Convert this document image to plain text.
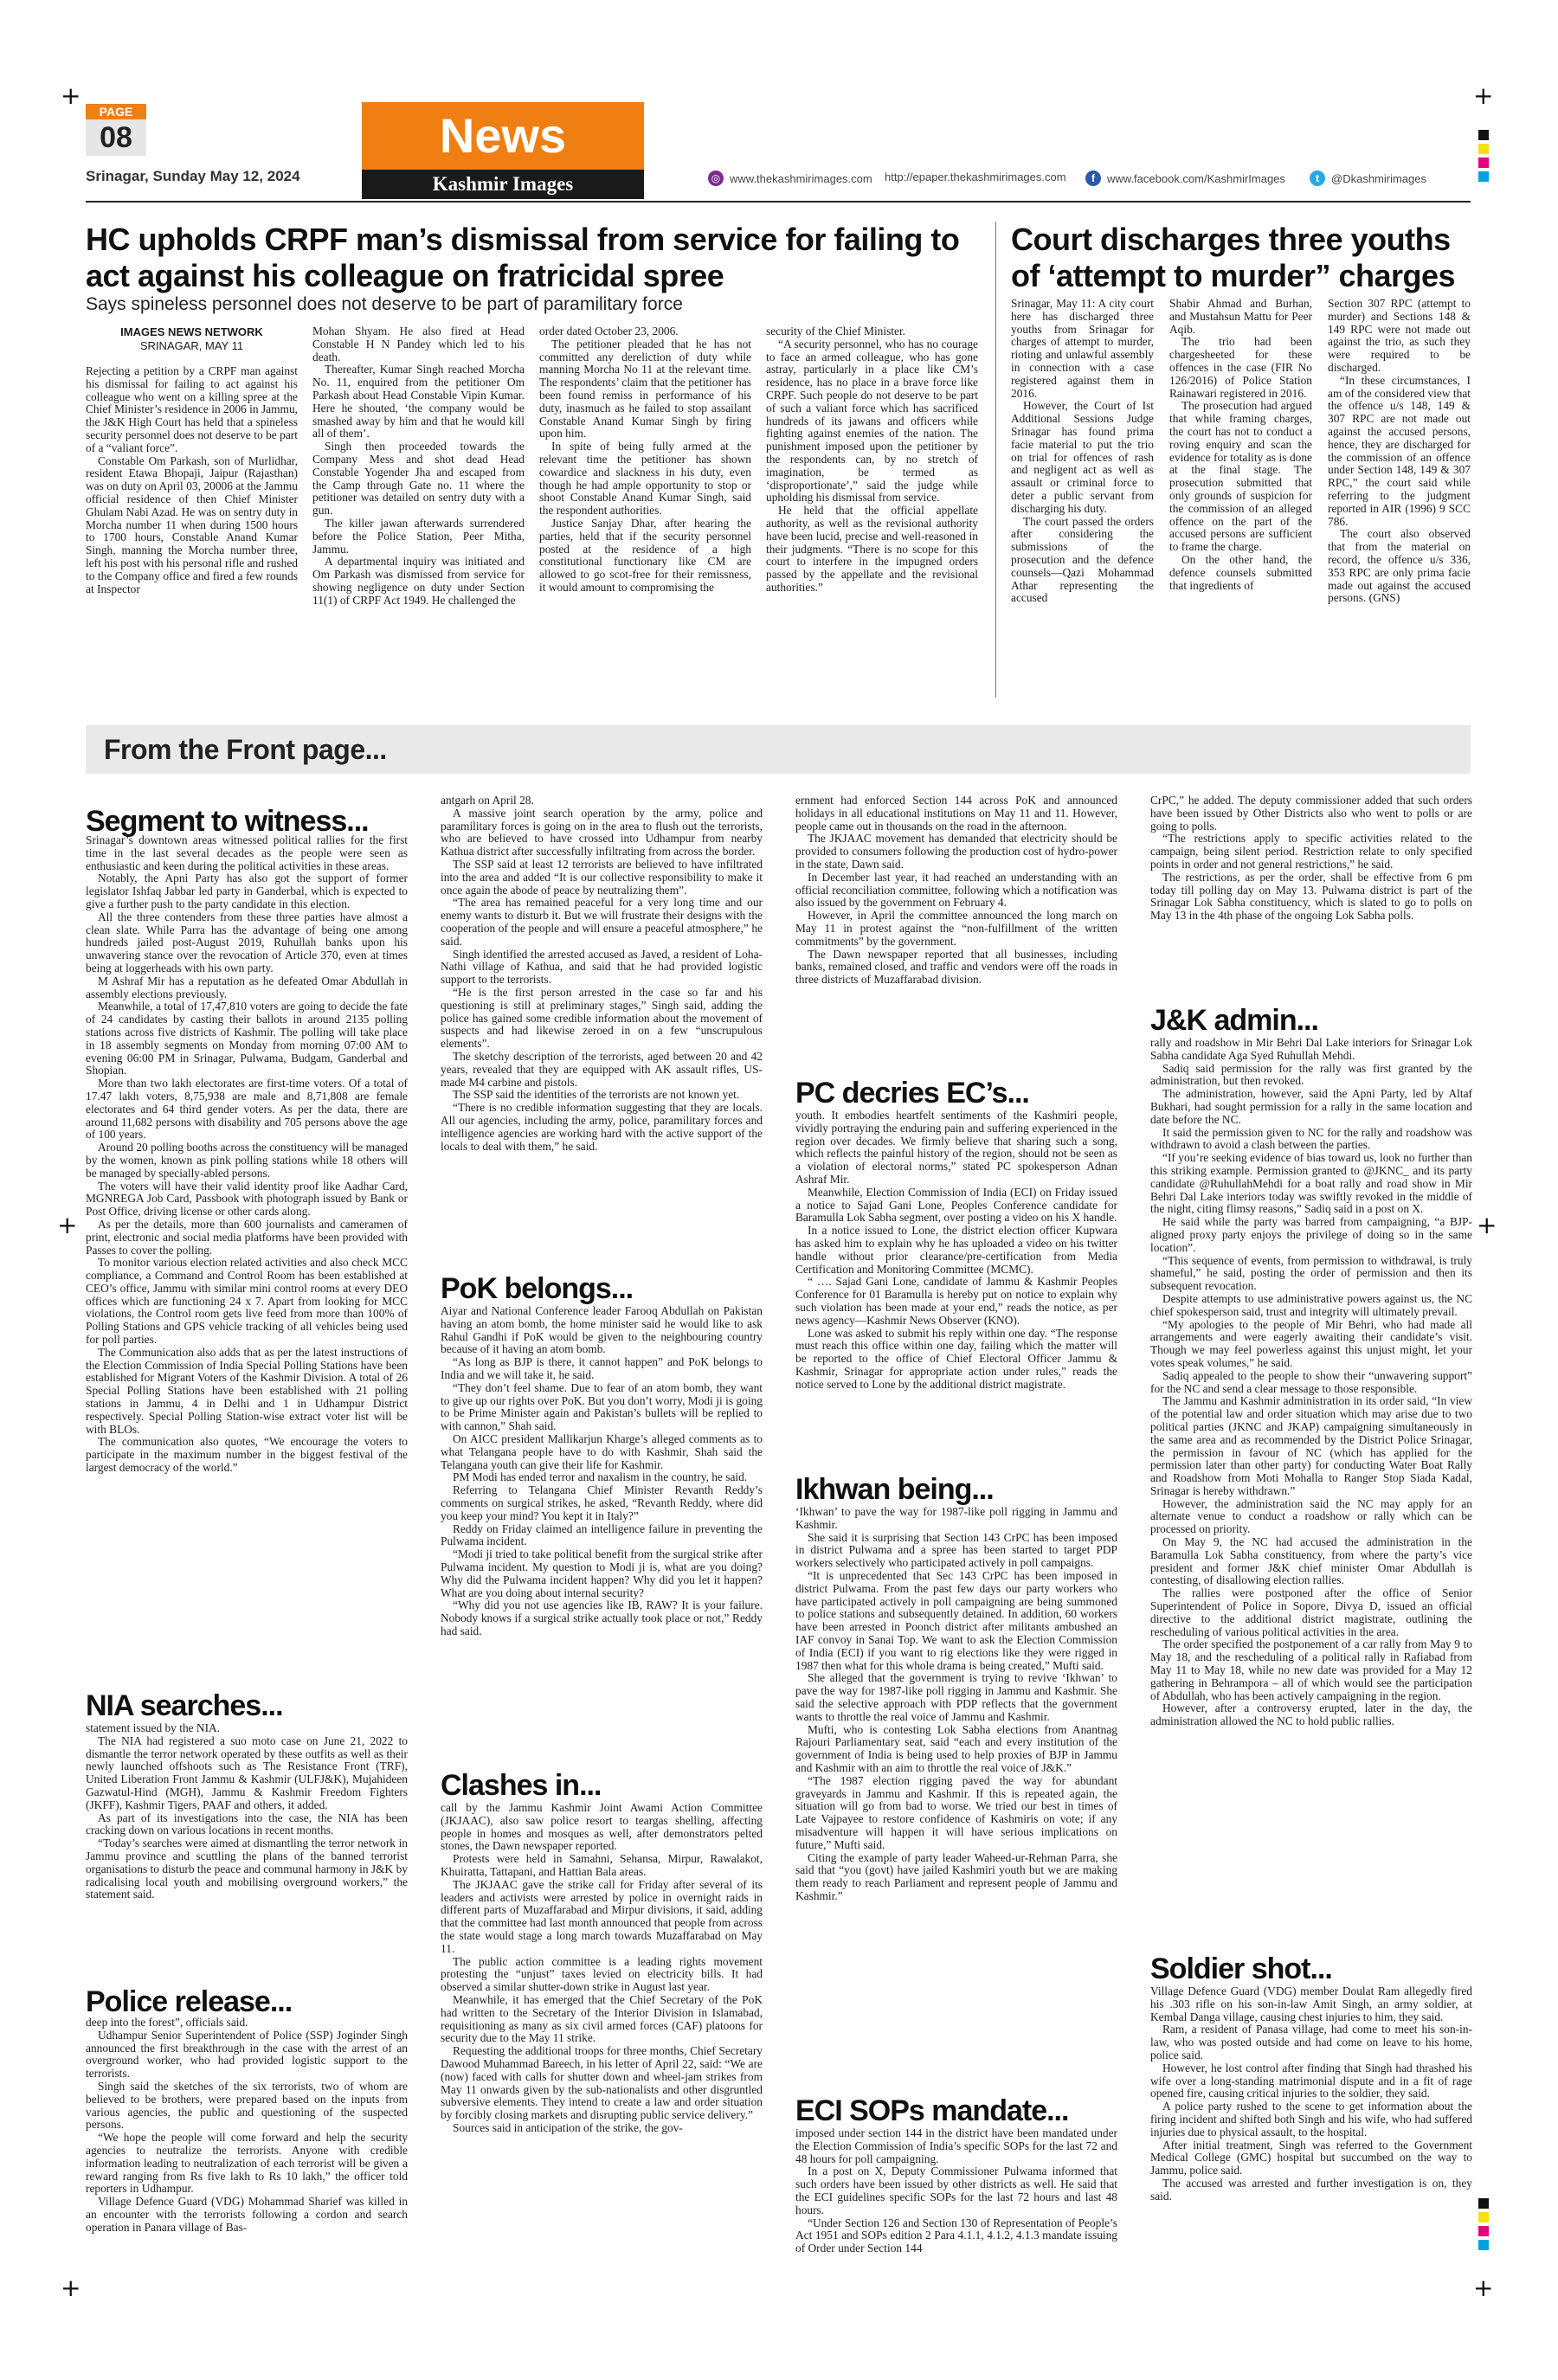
+	+
+	+
+	+
PAGE
08
Srinagar, Sunday May 12, 2024
News
Kashmir Images	◎ www.thekashmirimages.com http://epaper.thekashmirimages.com	f	www.facebook.com/KashmirImages	t	@Dkashmirimages
HC upholds CRPF man’s dismissal from service for failing to act against his colleague on fratricidal spree
Says spineless personnel does not deserve to be part of paramilitary force
IMAGES NEWS NETWORK
SRINAGAR, MAY 11

Rejecting a petition by a CRPF man against his dismissal for failing to act against his colleague who went on a killing spree at the Chief Minister’s residence in 2006 in Jammu, the J&K High Court has held that a spineless security personnel does not deserve to be part of a “valiant force”.

Constable Om Parkash, son of Murlidhar, resident Etawa Bhopaji, Jaipur (Rajasthan) was on duty on April 03, 20006 at the Jammu official residence of then Chief Minister Ghulam Nabi Azad. He was on sentry duty in Morcha number 11 when during 1500 hours to 1700 hours, Constable Anand Kumar Singh, manning the Morcha number three, left his post with his personal rifle and rushed to the Company office and fired a few rounds at Inspector

Mohan Shyam. He also fired at Head Constable H N Pandey which led to his death.

Thereafter, Kumar Singh reached Morcha No. 11, enquired from the petitioner Om Parkash about Head Constable Vipin Kumar. Here he shouted, ‘the company would be smashed away by him and that he would kill all of them’.

Singh then proceeded towards the Company Mess and shot dead Head Constable Yogender Jha and escaped from the Camp through Gate no. 11 where the petitioner was detailed on sentry duty with a gun.

The killer jawan afterwards surrendered before the Police Station, Peer Mitha, Jammu.

A departmental inquiry was initiated and Om Parkash was dismissed from service for showing negligence on duty under Section 11(1) of CRPF Act 1949. He challenged the

order dated October 23, 2006.

The petitioner pleaded that he has not committed any dereliction of duty while manning Morcha No 11 at the relevant time. The respondents’ claim that the petitioner has been found remiss in performance of his duty, inasmuch as he failed to stop assailant Constable Anand Kumar Singh by firing upon him.

In spite of being fully armed at the relevant time the petitioner has shown cowardice and slackness in his duty, even though he had ample opportunity to stop or shoot Constable Anand Kumar Singh, said the respondent authorities.

Justice Sanjay Dhar, after hearing the parties, held that if the security personnel posted at the residence of a high constitutional functionary like CM are allowed to go scot-free for their remissness, it would amount to compromising the

security of the Chief Minister.

“A security personnel, who has no courage to face an armed colleague, who has gone astray, particularly in a place like CM’s residence, has no place in a brave force like CRPF. Such people do not deserve to be part of such a valiant force which has sacrificed hundreds of its jawans and officers while fighting against enemies of the nation. The punishment imposed upon the petitioner by the respondents can, by no stretch of imagination, be termed as ‘disproportionate’,” said the judge while upholding his dismissal from service.

He held that the official appellate authority, as well as the revisional authority have been lucid, precise and well-reasoned in their judgments. “There is no scope for this court to interfere in the impugned orders passed by the appellate and the revisional authorities.”

Court discharges three youths of ‘attempt to murder” charges

Srinagar, May 11: A city court here has discharged three youths from Srinagar for charges of attempt to murder, rioting and unlawful assembly in connection with a case registered against them in 2016.

However, the Court of Ist Additional Sessions Judge Srinagar has found prima facie material to put the trio on trial for offences of rash and negligent act as well as assault or criminal force to deter a public servant from discharging his duty.

The court passed the orders after considering the submissions of the prosecution and the defence counsels—Qazi Mohammad Athar representing the accused

Shabir Ahmad and Burhan, and Mustahsun Mattu for Peer Aqib.

The trio had been chargesheeted for these offences in the case (FIR No 126/2016) of Police Station Rainawari registered in 2016.

The prosecution had argued that while framing charges, the court has not to conduct a roving enquiry and scan the evidence for totality as is done at the final stage. The prosecution submitted that only grounds of suspicion for the commission of an alleged offence on the part of the accused persons are sufficient to frame the charge.

On the other hand, the defence counsels submitted that ingredients of

Section 307 RPC (attempt to murder) and Sections 148 & 149 RPC were not made out against the trio, as such they were required to be discharged.

“In these circumstances, I am of the considered view that the offence u/s 148, 149 & 307 RPC are not made out against the accused persons, hence, they are discharged for the commission of an offence under Section 148, 149 & 307 RPC,” the court said while referring to the judgment reported in AIR (1996) 9 SCC 786.

The court also observed that from the material on record, the offence u/s 336, 353 RPC are only prima facie made out against the accused persons. (GNS)

From the Front page...
Segment to witness...

Srinagar’s downtown areas witnessed political rallies for the first time in the last several decades as the people were seen as enthusiastic and keen during the political activities in these areas.

Notably, the Apni Party has also got the support of former legislator Ishfaq Jabbar led party in Ganderbal, which is expected to give a further push to the party candidate in this election.

All the three contenders from these three parties have almost a clean slate. While Parra has the advantage of being one among hundreds jailed post-August 2019, Ruhullah banks upon his unwavering stance over the revocation of Article 370, even at times being at loggerheads with his own party.

M Ashraf Mir has a reputation as he defeated Omar Abdullah in assembly elections previously.

Meanwhile, a total of 17,47,810 voters are going to decide the fate of 24 candidates by casting their ballots in around 2135 polling stations across five districts of Kashmir. The polling will take place in 18 assembly segments on Monday from morning 07:00 AM to evening 06:00 PM in Srinagar, Pulwama, Budgam, Ganderbal and Shopian.

More than two lakh electorates are first-time voters. Of a total of 17.47 lakh voters, 8,75,938 are male and 8,71,808 are female electorates and 64 third gender voters. As per the data, there are around 11,682 persons with disability and 705 persons above the age of 100 years.

Around 20 polling booths across the constituency will be managed by the women, known as pink polling stations while 18 others will be managed by specially-abled persons.

The voters will have their valid identity proof like Aadhar Card, MGNREGA Job Card, Passbook with photograph issued by Bank or Post Office, driving license or other cards along.

As per the details, more than 600 journalists and cameramen of print, electronic and social media platforms have been provided with Passes to cover the polling.

To monitor various election related activities and also check MCC compliance, a Command and Control Room has been established at CEO’s office, Jammu with similar mini control rooms at every DEO offices which are functioning 24 x 7. Apart from looking for MCC violations, the Control room gets live feed from more than 100% of Polling Stations and GPS vehicle tracking of all vehicles being used for poll parties.

The Communication also adds that as per the latest instructions of the Election Commission of India Special Polling Stations have been established for Migrant Voters of the Kashmir Division. A total of 26 Special Polling Stations have been established with 21 polling stations in Jammu, 4 in Delhi and 1 in Udhampur District respectively. Special Polling Station-wise extract voter list will be with BLOs.

The communication also quotes, “We encourage the voters to participate in the maximum number in the biggest festival of the largest democracy of the world.”

NIA searches...

statement issued by the NIA.

The NIA had registered a suo moto case on June 21, 2022 to dismantle the terror network operated by these outfits as well as their newly launched offshoots such as The Resistance Front (TRF), United Liberation Front Jammu & Kashmir (ULFJ&K), Mujahideen Gazwatul-Hind (MGH), Jammu & Kashmir Freedom Fighters (JKFF), Kashmir Tigers, PAAF and others, it added.

As part of its investigations into the case, the NIA has been cracking down on various locations in recent months.

“Today’s searches were aimed at dismantling the terror network in Jammu province and scuttling the plans of the banned terrorist organisations to disturb the peace and communal harmony in J&K by radicalising local youth and mobilising overground workers,” the statement said.

Police release...

deep into the forest”, officials said.

Udhampur Senior Superintendent of Police (SSP) Joginder Singh announced the first breakthrough in the case with the arrest of an overground worker, who had provided logistic support to the terrorists.

Singh said the sketches of the six terrorists, two of whom are believed to be brothers, were prepared based on the inputs from various agencies, the public and questioning of the suspected persons.

“We hope the people will come forward and help the security agencies to neutralize the terrorists. Anyone with credible information leading to neutralization of each terrorist will be given a reward ranging from Rs five lakh to Rs 10 lakh,” the officer told reporters in Udhampur.

Village Defence Guard (VDG) Mohammad Sharief was killed in an encounter with the terrorists following a cordon and search operation in Panara village of Bas-

antgarh on April 28.

A massive joint search operation by the army, police and paramilitary forces is going on in the area to flush out the terrorists, who are believed to have crossed into Udhampur from nearby Kathua district after successfully infiltrating from across the border.

The SSP said at least 12 terrorists are believed to have infiltrated into the area and added “It is our collective responsibility to make it once again the abode of peace by neutralizing them”.

“The area has remained peaceful for a very long time and our enemy wants to disturb it. But we will frustrate their designs with the cooperation of the people and will ensure a peaceful atmosphere,” he said.

Singh identified the arrested accused as Javed, a resident of Loha-Nathi village of Kathua, and said that he had provided logistic support to the terrorists.

“He is the first person arrested in the case so far and his questioning is still at preliminary stages,” Singh said, adding the police has gained some credible information about the movement of suspects and had likewise zeroed in on a few “unscrupulous elements”.

The sketchy description of the terrorists, aged between 20 and 42 years, revealed that they are equipped with AK assault rifles, US-made M4 carbine and pistols.

The SSP said the identities of the terrorists are not known yet.

“There is no credible information suggesting that they are locals. All our agencies, including the army, police, paramilitary forces and intelligence agencies are working hard with the active support of the locals to deal with them,” he said.

PoK belongs...

Aiyar and National Conference leader Farooq Abdullah on Pakistan having an atom bomb, the home minister said he would like to ask Rahul Gandhi if PoK would be given to the neighbouring country because of it having an atom bomb.

“As long as BJP is there, it cannot happen” and PoK belongs to India and we will take it, he said.

“They don’t feel shame. Due to fear of an atom bomb, they want to give up our rights over PoK. But you don’t worry, Modi ji is going to be Prime Minister again and Pakistan’s bullets will be replied to with cannon,” Shah said.

On AICC president Mallikarjun Kharge’s alleged comments as to what Telangana people have to do with Kashmir, Shah said the Telangana youth can give their life for Kashmir.

PM Modi has ended terror and naxalism in the country, he said.

Referring to Telangana Chief Minister Revanth Reddy’s comments on surgical strikes, he asked, “Revanth Reddy, where did you keep your mind? You kept it in Italy?”

Reddy on Friday claimed an intelligence failure in preventing the Pulwama incident.

“Modi ji tried to take political benefit from the surgical strike after Pulwama incident. My question to Modi ji is, what are you doing? Why did the Pulwama incident happen? Why did you let it happen? What are you doing about internal security?

“Why did you not use agencies like IB, RAW? It is your failure. Nobody knows if a surgical strike actually took place or not,” Reddy had said.

Clashes in...

call by the Jammu Kashmir Joint Awami Action Committee (JKJAAC), also saw police resort to teargas shelling, affecting people in homes and mosques as well, after demonstrators pelted stones, the Dawn newspaper reported.

Protests were held in Samahni, Sehansa, Mirpur, Rawalakot, Khuiratta, Tattapani, and Hattian Bala areas.

The JKJAAC gave the strike call for Friday after several of its leaders and activists were arrested by police in overnight raids in different parts of Muzaffarabad and Mirpur divisions, it said, adding that the committee had last month announced that people from across the state would stage a long march towards Muzaffarabad on May 11.

The public action committee is a leading rights movement protesting the “unjust” taxes levied on electricity bills. It had observed a similar shutter-down strike in August last year.

Meanwhile, it has emerged that the Chief Secretary of the PoK had written to the Secretary of the Interior Division in Islamabad, requisitioning as many as six civil armed forces (CAF) platoons for security due to the May 11 strike.

Requesting the additional troops for three months, Chief Secretary Dawood Muhammad Bareech, in his letter of April 22, said: “We are (now) faced with calls for shutter down and wheel-jam strikes from May 11 onwards given by the sub-nationalists and other disgruntled subversive elements. They intend to create a law and order situation by forcibly closing markets and disrupting public service delivery.”

Sources said in anticipation of the strike, the gov-

ernment had enforced Section 144 across PoK and announced holidays in all educational institutions on May 11 and 11. However, people came out in thousands on the road in the afternoon.

The JKJAAC movement has demanded that electricity should be provided to consumers following the production cost of hydro-power in the state, Dawn said.

In December last year, it had reached an understanding with an official reconciliation committee, following which a notification was also issued by the government on February 4.

However, in April the committee announced the long march on May 11 in protest against the “non-fulfillment of the written commitments” by the government.

The Dawn newspaper reported that all businesses, including banks, remained closed, and traffic and vendors were off the roads in three districts of Muzaffarabad division.

PC decries EC’s...

youth. It embodies heartfelt sentiments of the Kashmiri people, vividly portraying the enduring pain and suffering experienced in the region over decades. We firmly believe that sharing such a song, which reflects the painful history of the region, should not be seen as a violation of electoral norms,” stated PC spokesperson Adnan Ashraf Mir.

Meanwhile, Election Commission of India (ECI) on Friday issued a notice to Sajad Gani Lone, Peoples Conference candidate for Baramulla Lok Sabha segment, over posting a video on his X handle.

In a notice issued to Lone, the district election officer Kupwara has asked him to explain why he has uploaded a video on his twitter handle without prior clearance/pre-certification from Media Certification and Monitoring Committee (MCMC).

“ …. Sajad Gani Lone, candidate of Jammu & Kashmir Peoples Conference for 01 Baramulla is hereby put on notice to explain why such violation has been made at your end,” reads the notice, as per news agency—Kashmir News Observer (KNO).

Lone was asked to submit his reply within one day. “The response must reach this office within one day, failing which the matter will be reported to the office of Chief Electoral Officer Jammu & Kashmir, Srinagar for appropriate action under rules,” reads the notice served to Lone by the additional district magistrate.

Ikhwan being...

‘Ikhwan’ to pave the way for 1987-like poll rigging in Jammu and Kashmir.

She said it is surprising that Section 143 CrPC has been imposed in district Pulwama and a spree has been started to target PDP workers selectively who participated actively in poll campaigns.

“It is unprecedented that Sec 143 CrPC has been imposed in district Pulwama. From the past few days our party workers who have participated actively in poll campaigning are being summoned to police stations and subsequently detained. In addition, 60 workers have been arrested in Poonch district after militants ambushed an IAF convoy in Sanai Top. We want to ask the Election Commission of India (ECI) if you want to rig elections like they were rigged in 1987 then what for this whole drama is being created,” Mufti said.

She alleged that the government is trying to revive ‘Ikhwan’ to pave the way for 1987-like poll rigging in Jammu and Kashmir. She said the selective approach with PDP reflects that the government wants to throttle the real voice of Jammu and Kashmir.

Mufti, who is contesting Lok Sabha elections from Anantnag Rajouri Parliamentary seat, said “each and every institution of the government of India is being used to help proxies of BJP in Jammu and Kashmir with an aim to throttle the real voice of J&K.”

“The 1987 election rigging paved the way for abundant graveyards in Jammu and Kashmir. If this is repeated again, the situation will go from bad to worse. We tried our best in times of Late Vajpayee to restore confidence of Kashmiris on vote; if any misadventure will happen it will have serious implications on future,” Mufti said.

Citing the example of party leader Waheed-ur-Rehman Parra, she said that “you (govt) have jailed Kashmiri youth but we are making them ready to reach Parliament and represent people of Jammu and Kashmir.”

ECI SOPs mandate...

imposed under section 144 in the district have been mandated under the Election Commission of India’s specific SOPs for the last 72 and 48 hours for poll campaigning.

In a post on X, Deputy Commissioner Pulwama informed that such orders have been issued by other districts as well. He said that the ECI guidelines specific SOPs for the last 72 hours and last 48 hours.

“Under Section 126 and Section 130 of Representation of People’s Act 1951 and SOPs edition 2 Para 4.1.1, 4.1.2, 4.1.3 mandate issuing of Order under Section 144

CrPC,” he added. The deputy commissioner added that such orders have been issued by Other Districts also who went to polls or are going to polls.

“The restrictions apply to specific activities related to the campaign, being silent period. Restriction relate to only specified points in order and not general restrictions,” he said.

The restrictions, as per the order, shall be effective from 6 pm today till polling day on May 13. Pulwama district is part of the Srinagar Lok Sabha constituency, which is slated to go to polls on May 13 in the 4th phase of the ongoing Lok Sabha polls.

J&K admin...

rally and roadshow in Mir Behri Dal Lake interiors for Srinagar Lok Sabha candidate Aga Syed Ruhullah Mehdi.

Sadiq said permission for the rally was first granted by the administration, but then revoked.

The administration, however, said the Apni Party, led by Altaf Bukhari, had sought permission for a rally in the same location and date before the NC.

It said the permission given to NC for the rally and roadshow was withdrawn to avoid a clash between the parties.

“If you’re seeking evidence of bias toward us, look no further than this striking example. Permission granted to @JKNC_ and its party candidate @RuhullahMehdi for a boat rally and road show in Mir Behri Dal Lake interiors today was swiftly revoked in the middle of the night, citing flimsy reasons,” Sadiq said in a post on X.

He said while the party was barred from campaigning, “a BJP-aligned proxy party enjoys the privilege of doing so in the same location”.

“This sequence of events, from permission to withdrawal, is truly shameful,” he said, posting the order of permission and then its subsequent revocation.

Despite attempts to use administrative powers against us, the NC chief spokesperson said, trust and integrity will ultimately prevail.

“My apologies to the people of Mir Behri, who had made all arrangements and were eagerly awaiting their candidate’s visit. Though we may feel powerless against this unjust might, let your votes speak volumes,” he said.

Sadiq appealed to the people to show their “unwavering support” for the NC and send a clear message to those responsible.

The Jammu and Kashmir administration in its order said, “In view of the potential law and order situation which may arise due to two political parties (JKNC and JKAP) campaigning simultaneously in the same area and as recommended by the District Police Srinagar, the permission in favour of NC (which has applied for the permission later than other party) for conducting Water Boat Rally and Roadshow from Moti Mohalla to Ranger Stop Siada Kadal, Srinagar is hereby withdrawn.”

However, the administration said the NC may apply for an alternate venue to conduct a roadshow or rally which can be processed on priority.

On May 9, the NC had accused the administration in the Baramulla Lok Sabha constituency, from where the party’s vice president and former J&K chief minister Omar Abdullah is contesting, of disallowing election rallies.

The rallies were postponed after the office of Senior Superintendent of Police in Sopore, Divya D, issued an official directive to the additional district magistrate, outlining the rescheduling of various political activities in the area.

The order specified the postponement of a car rally from May 9 to May 18, and the rescheduling of a political rally in Rafiabad from May 11 to May 18, while no new date was provided for a May 12 gathering in Behrampora – all of which would see the participation of Abdullah, who has been actively campaigning in the region.

However, after a controversy erupted, later in the day, the administration allowed the NC to hold public rallies.

Soldier shot...

Village Defence Guard (VDG) member Doulat Ram allegedly fired his .303 rifle on his son-in-law Amit Singh, an army soldier, at Kembal Danga village, causing chest injuries to him, they said.

Ram, a resident of Panasa village, had come to meet his son-in-law, who was posted outside and had come on leave to his home, police said.

However, he lost control after finding that Singh had thrashed his wife over a long-standing matrimonial dispute and in a fit of rage opened fire, causing critical injuries to the soldier, they said.

A police party rushed to the scene to get information about the firing incident and shifted both Singh and his wife, who had suffered injuries due to physical assault, to the hospital.

After initial treatment, Singh was referred to the Government Medical College (GMC) hospital but succumbed on the way to Jammu, police said.

The accused was arrested and further investigation is on, they said.
